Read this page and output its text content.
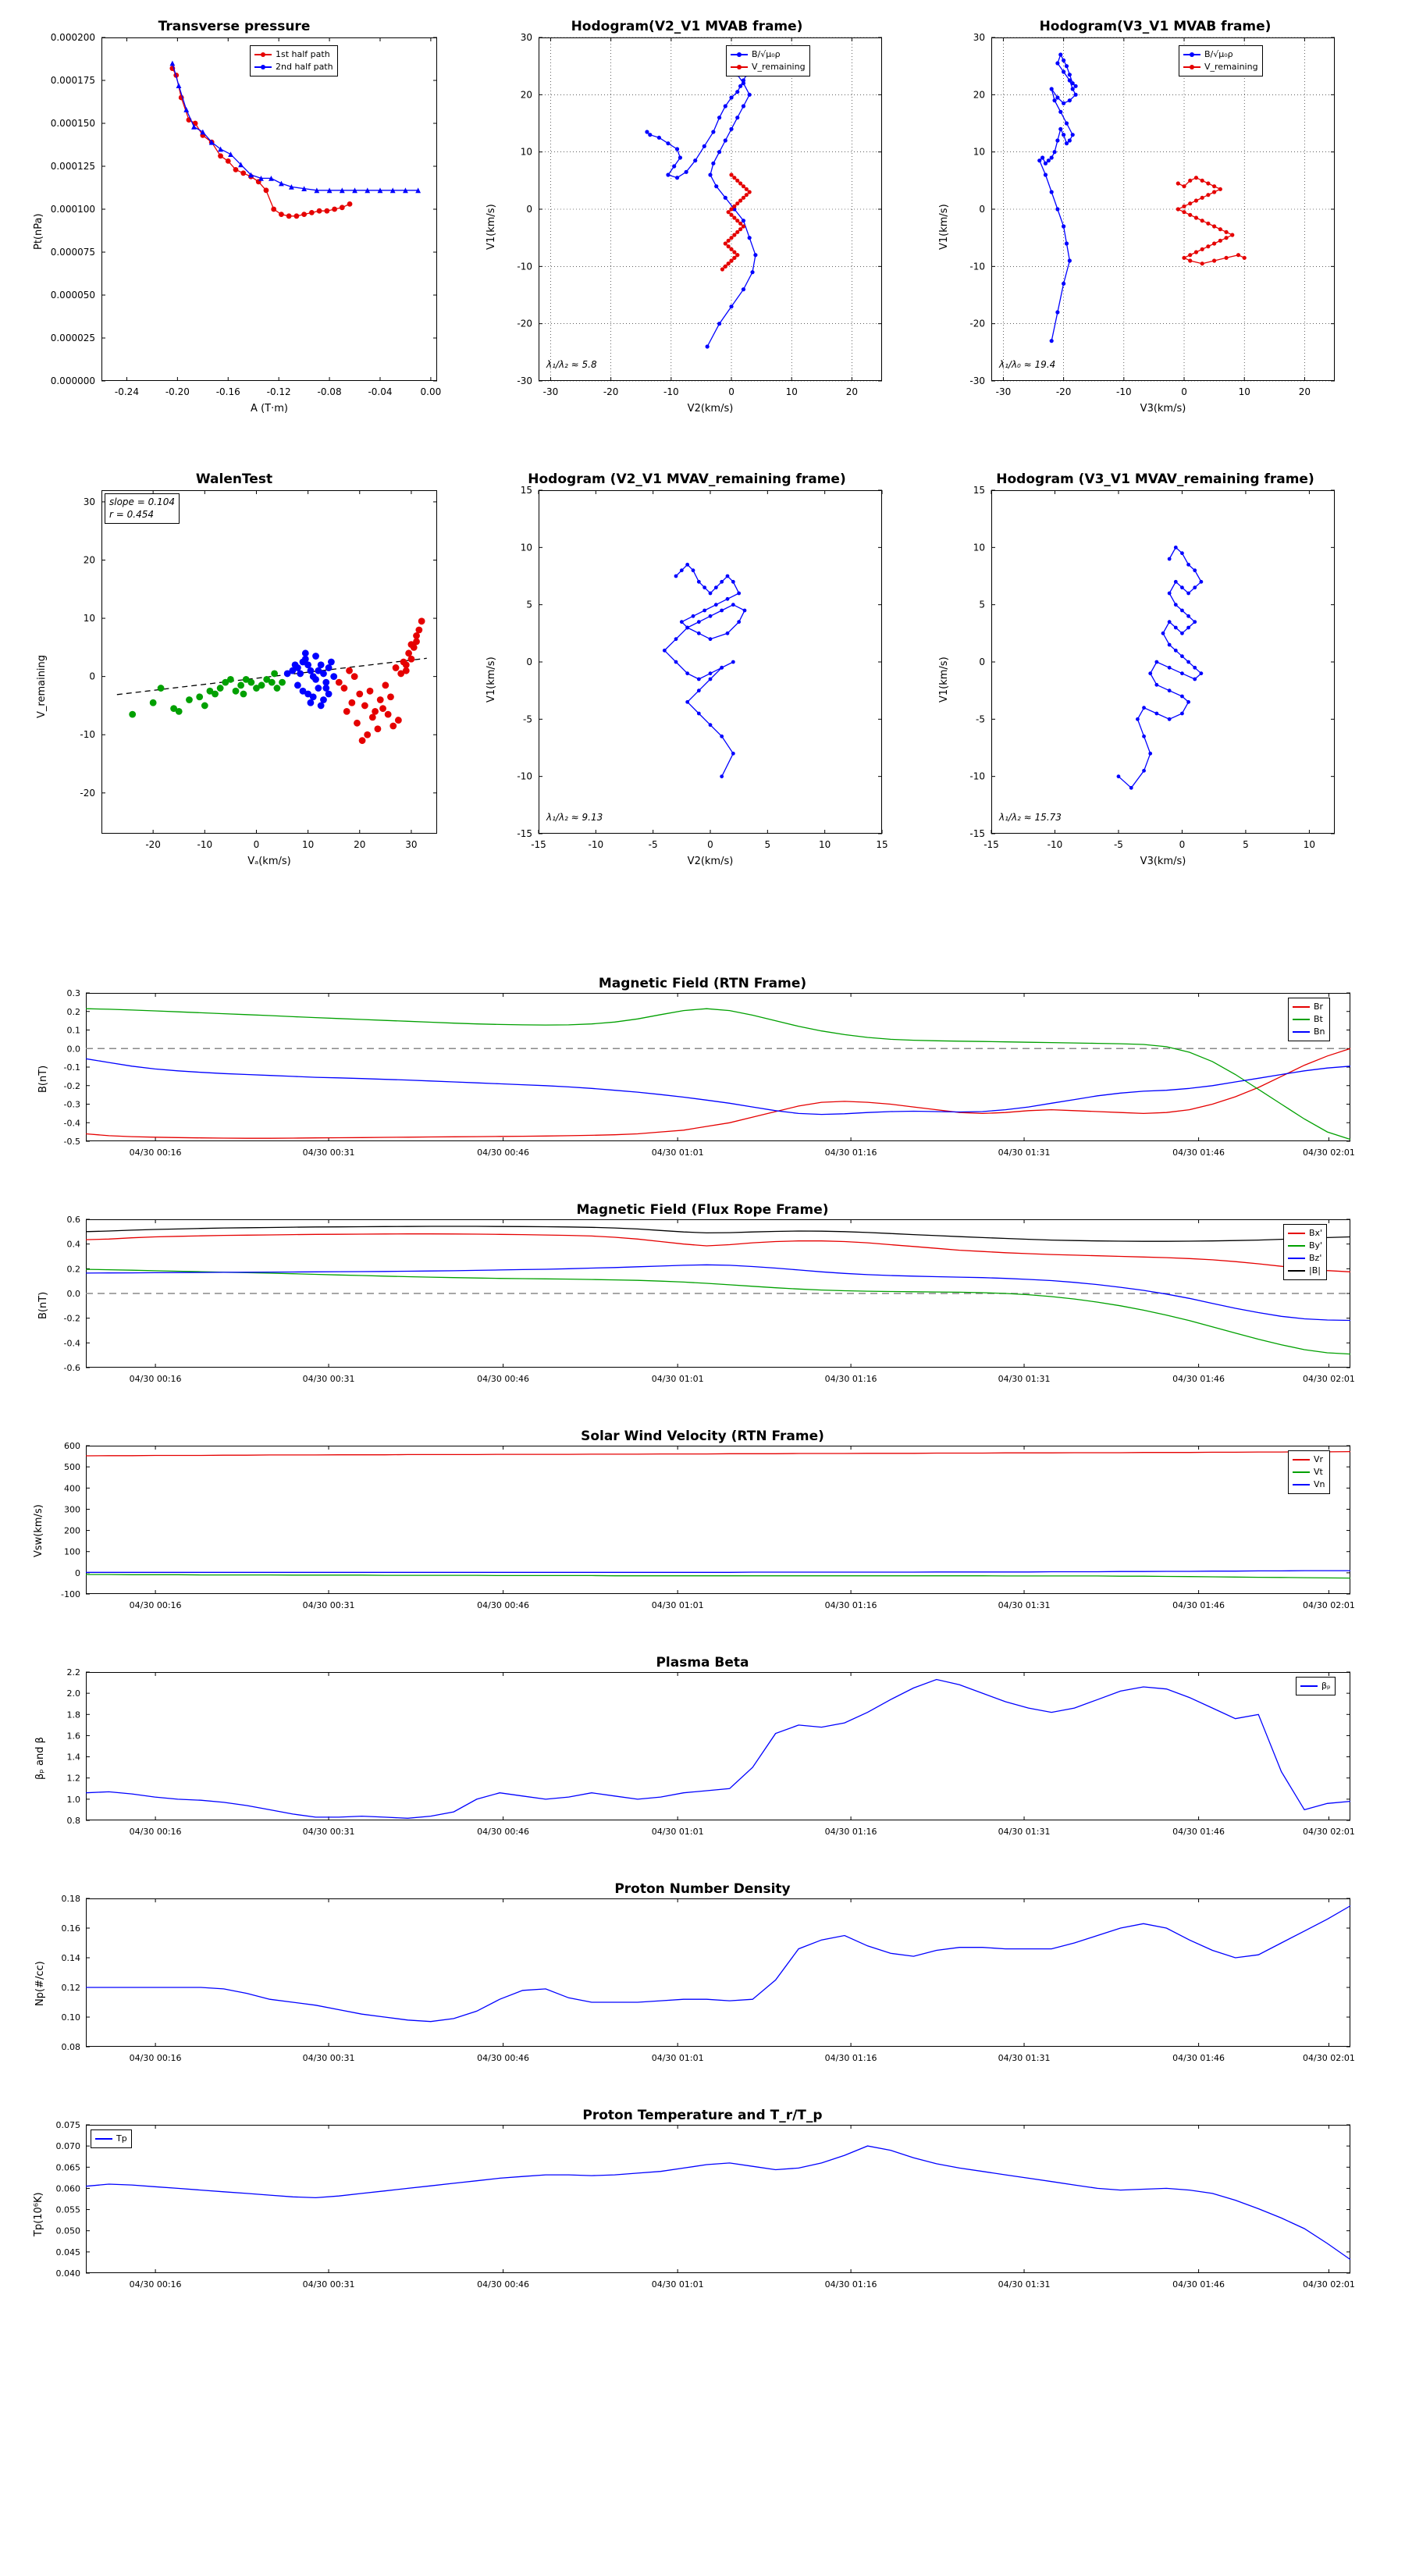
Transverse pressure
A (T·m)
Pt(nPa)
-0.24	-0.20	-0.16	-0.12	-0.08	-0.04	0.00
0.000000
0.000025
0.000050
0.000075
0.000100
0.000125
0.000150
0.000175
0.000200
1st half path
2nd half path
Hodogram(V2_V1 MVAB frame)
V2(km/s)
V1(km/s)
-30	-20	-10	0	10	20
-30
-20
-10
0
10
20
30
B/√μ₀ρ
V_remaining
λ₁/λ₂ ≈ 5.8
Hodogram(V3_V1 MVAB frame)
V3(km/s)
V1(km/s)
-30	-20	-10	0	10	20
-30
-20
-10
0
10
20
30
B/√μ₀ρ
V_remaining
λ₁/λ₀ ≈ 19.4
WalenTest
Vₐ(km/s)
V_remaining
-20	-10	0	10	20	30
-20
-10
0
10
20
30 slope = 0.104
r = 0.454
Hodogram (V2_V1 MVAV_remaining frame)
V2(km/s)
V1(km/s)
-15	-10	-5	0	5	10	15
-15
-10
-5
0
5
10
15
λ₁/λ₂ ≈ 9.13
Hodogram (V3_V1 MVAV_remaining frame)
V3(km/s)
V1(km/s)
-15	-10	-5	0	5	10
-15
-10
-5
0
5
10
15
λ₁/λ₂ ≈ 15.73
Magnetic Field (RTN Frame)
B(nT)
-0.5
-0.4
-0.3
-0.2
-0.1
0.0
0.1
0.2
0.3
04/30 00:16	04/30 00:31	04/30 00:46	04/30 01:01	04/30 01:16	04/30 01:31	04/30 01:46	04/30 02:01
Br
Bt
Bn
Magnetic Field (Flux Rope Frame)
B(nT)
-0.6
-0.4
-0.2
0.0
0.2
0.4
0.6
04/30 00:16	04/30 00:31	04/30 00:46	04/30 01:01	04/30 01:16	04/30 01:31	04/30 01:46	04/30 02:01
Bx'
By'
Bz'
|B|
Solar Wind Velocity (RTN Frame)
Vsw(km/s)
-100
0
100
200
300
400
500
600
04/30 00:16	04/30 00:31	04/30 00:46	04/30 01:01	04/30 01:16	04/30 01:31	04/30 01:46	04/30 02:01
Vr
Vt
Vn
Plasma Beta
βₚ and β
0.8
1.0
1.2
1.4
1.6
1.8
2.0
2.2
04/30 00:16	04/30 00:31	04/30 00:46	04/30 01:01	04/30 01:16	04/30 01:31	04/30 01:46	04/30 02:01
βₚ
Proton Number Density
Np(#/cc)
0.08
0.10
0.12
0.14
0.16
0.18
04/30 00:16	04/30 00:31	04/30 00:46	04/30 01:01	04/30 01:16	04/30 01:31	04/30 01:46	04/30 02:01
Proton Temperature and T_r/T_p
Tp(10⁶K)
0.040
0.045
0.050
0.055
0.060
0.065
0.070
0.075
04/30 00:16	04/30 00:31	04/30 00:46	04/30 01:01	04/30 01:16	04/30 01:31	04/30 01:46	04/30 02:01
Tp
